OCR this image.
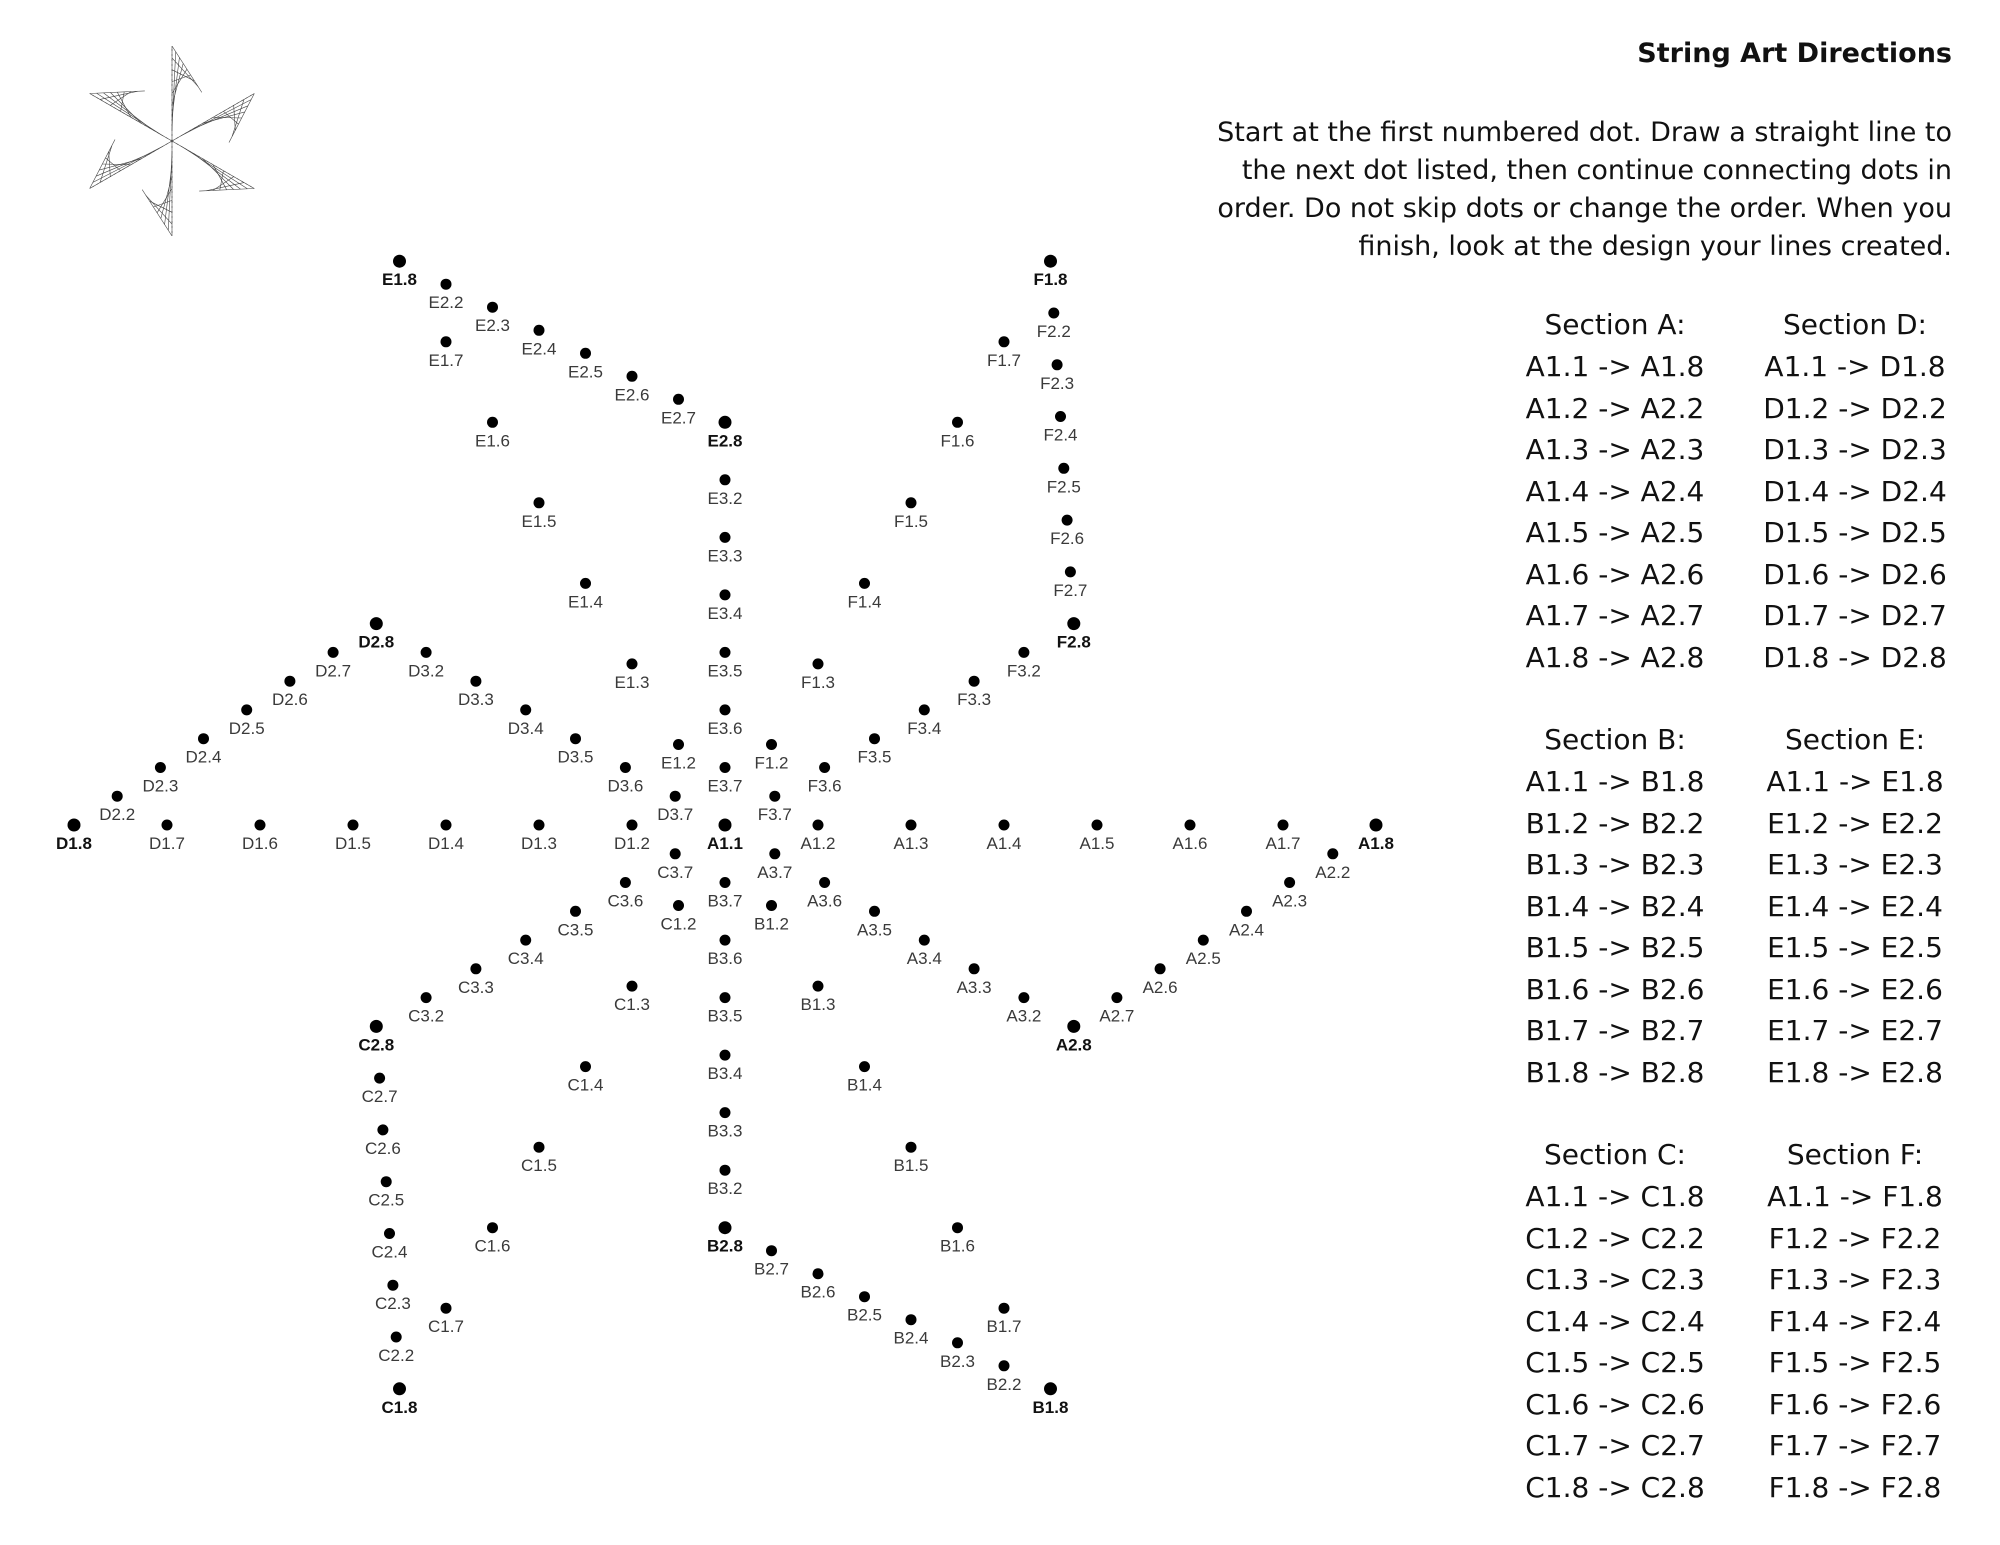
A1.1	A1.2	A1.3	A1.4	A1.5	A1.6	A1.7	A1.8
A2.2
A2.3
A2.4
A2.5
A2.6
A2.7
A2.8
A3.2
A3.3
A3.4
A3.5
A3.6
A3.7
B1.2
B1.3
B1.4
B1.5
B1.6
B1.7
B1.8
B2.2
B2.3
B2.4
B2.5
B2.6
B2.7
B2.8
B3.2
B3.3
B3.4
B3.5
B3.6
B3.7
C1.2
C1.3
C1.4
C1.5
C1.6
C1.7
C1.8
C2.2
C2.3
C2.4
C2.5
C2.6
C2.7
C2.8
C3.2
C3.3
C3.4
C3.5
C3.6
C3.7
D1.2
D1.3
D1.4
D1.5
D1.6
D1.7
D1.8
D2.2
D2.3
D2.4
D2.5
D2.6
D2.7
D2.8
D3.2
D3.3
D3.4
D3.5
D3.6
D3.7
E1.2
E1.3
E1.4
E1.5
E1.6
E1.7
E1.8
E2.2
E2.3
E2.4
E2.5
E2.6
E2.7
E2.8
E3.2
E3.3
E3.4
E3.5
E3.6
E3.7
F1.2
F1.3
F1.4
F1.5
F1.6
F1.7
F1.8
F2.2
F2.3
F2.4
F2.5
F2.6
F2.7
F2.8
F3.2
F3.3
F3.4
F3.5
F3.6
F3.7
String Art Directions
Start at the first numbered dot. Draw a straight line to the next dot listed, then continue connecting dots in order. Do not skip dots or change the order. When you finish, look at the design your lines created.
Section A:
A1.1 -> A1.8
A1.2 -> A2.2
A1.3 -> A2.3
A1.4 -> A2.4
A1.5 -> A2.5
A1.6 -> A2.6
A1.7 -> A2.7
A1.8 -> A2.8
Section D:
A1.1 -> D1.8
D1.2 -> D2.2
D1.3 -> D2.3
D1.4 -> D2.4
D1.5 -> D2.5
D1.6 -> D2.6
D1.7 -> D2.7
D1.8 -> D2.8
Section B:
A1.1 -> B1.8
B1.2 -> B2.2
B1.3 -> B2.3
B1.4 -> B2.4
B1.5 -> B2.5
B1.6 -> B2.6
B1.7 -> B2.7
B1.8 -> B2.8
Section E:
A1.1 -> E1.8
E1.2 -> E2.2
E1.3 -> E2.3
E1.4 -> E2.4
E1.5 -> E2.5
E1.6 -> E2.6
E1.7 -> E2.7
E1.8 -> E2.8
Section C:
A1.1 -> C1.8
C1.2 -> C2.2
C1.3 -> C2.3
C1.4 -> C2.4
C1.5 -> C2.5
C1.6 -> C2.6
C1.7 -> C2.7
C1.8 -> C2.8
Section F:
A1.1 -> F1.8
F1.2 -> F2.2
F1.3 -> F2.3
F1.4 -> F2.4
F1.5 -> F2.5
F1.6 -> F2.6
F1.7 -> F2.7
F1.8 -> F2.8
